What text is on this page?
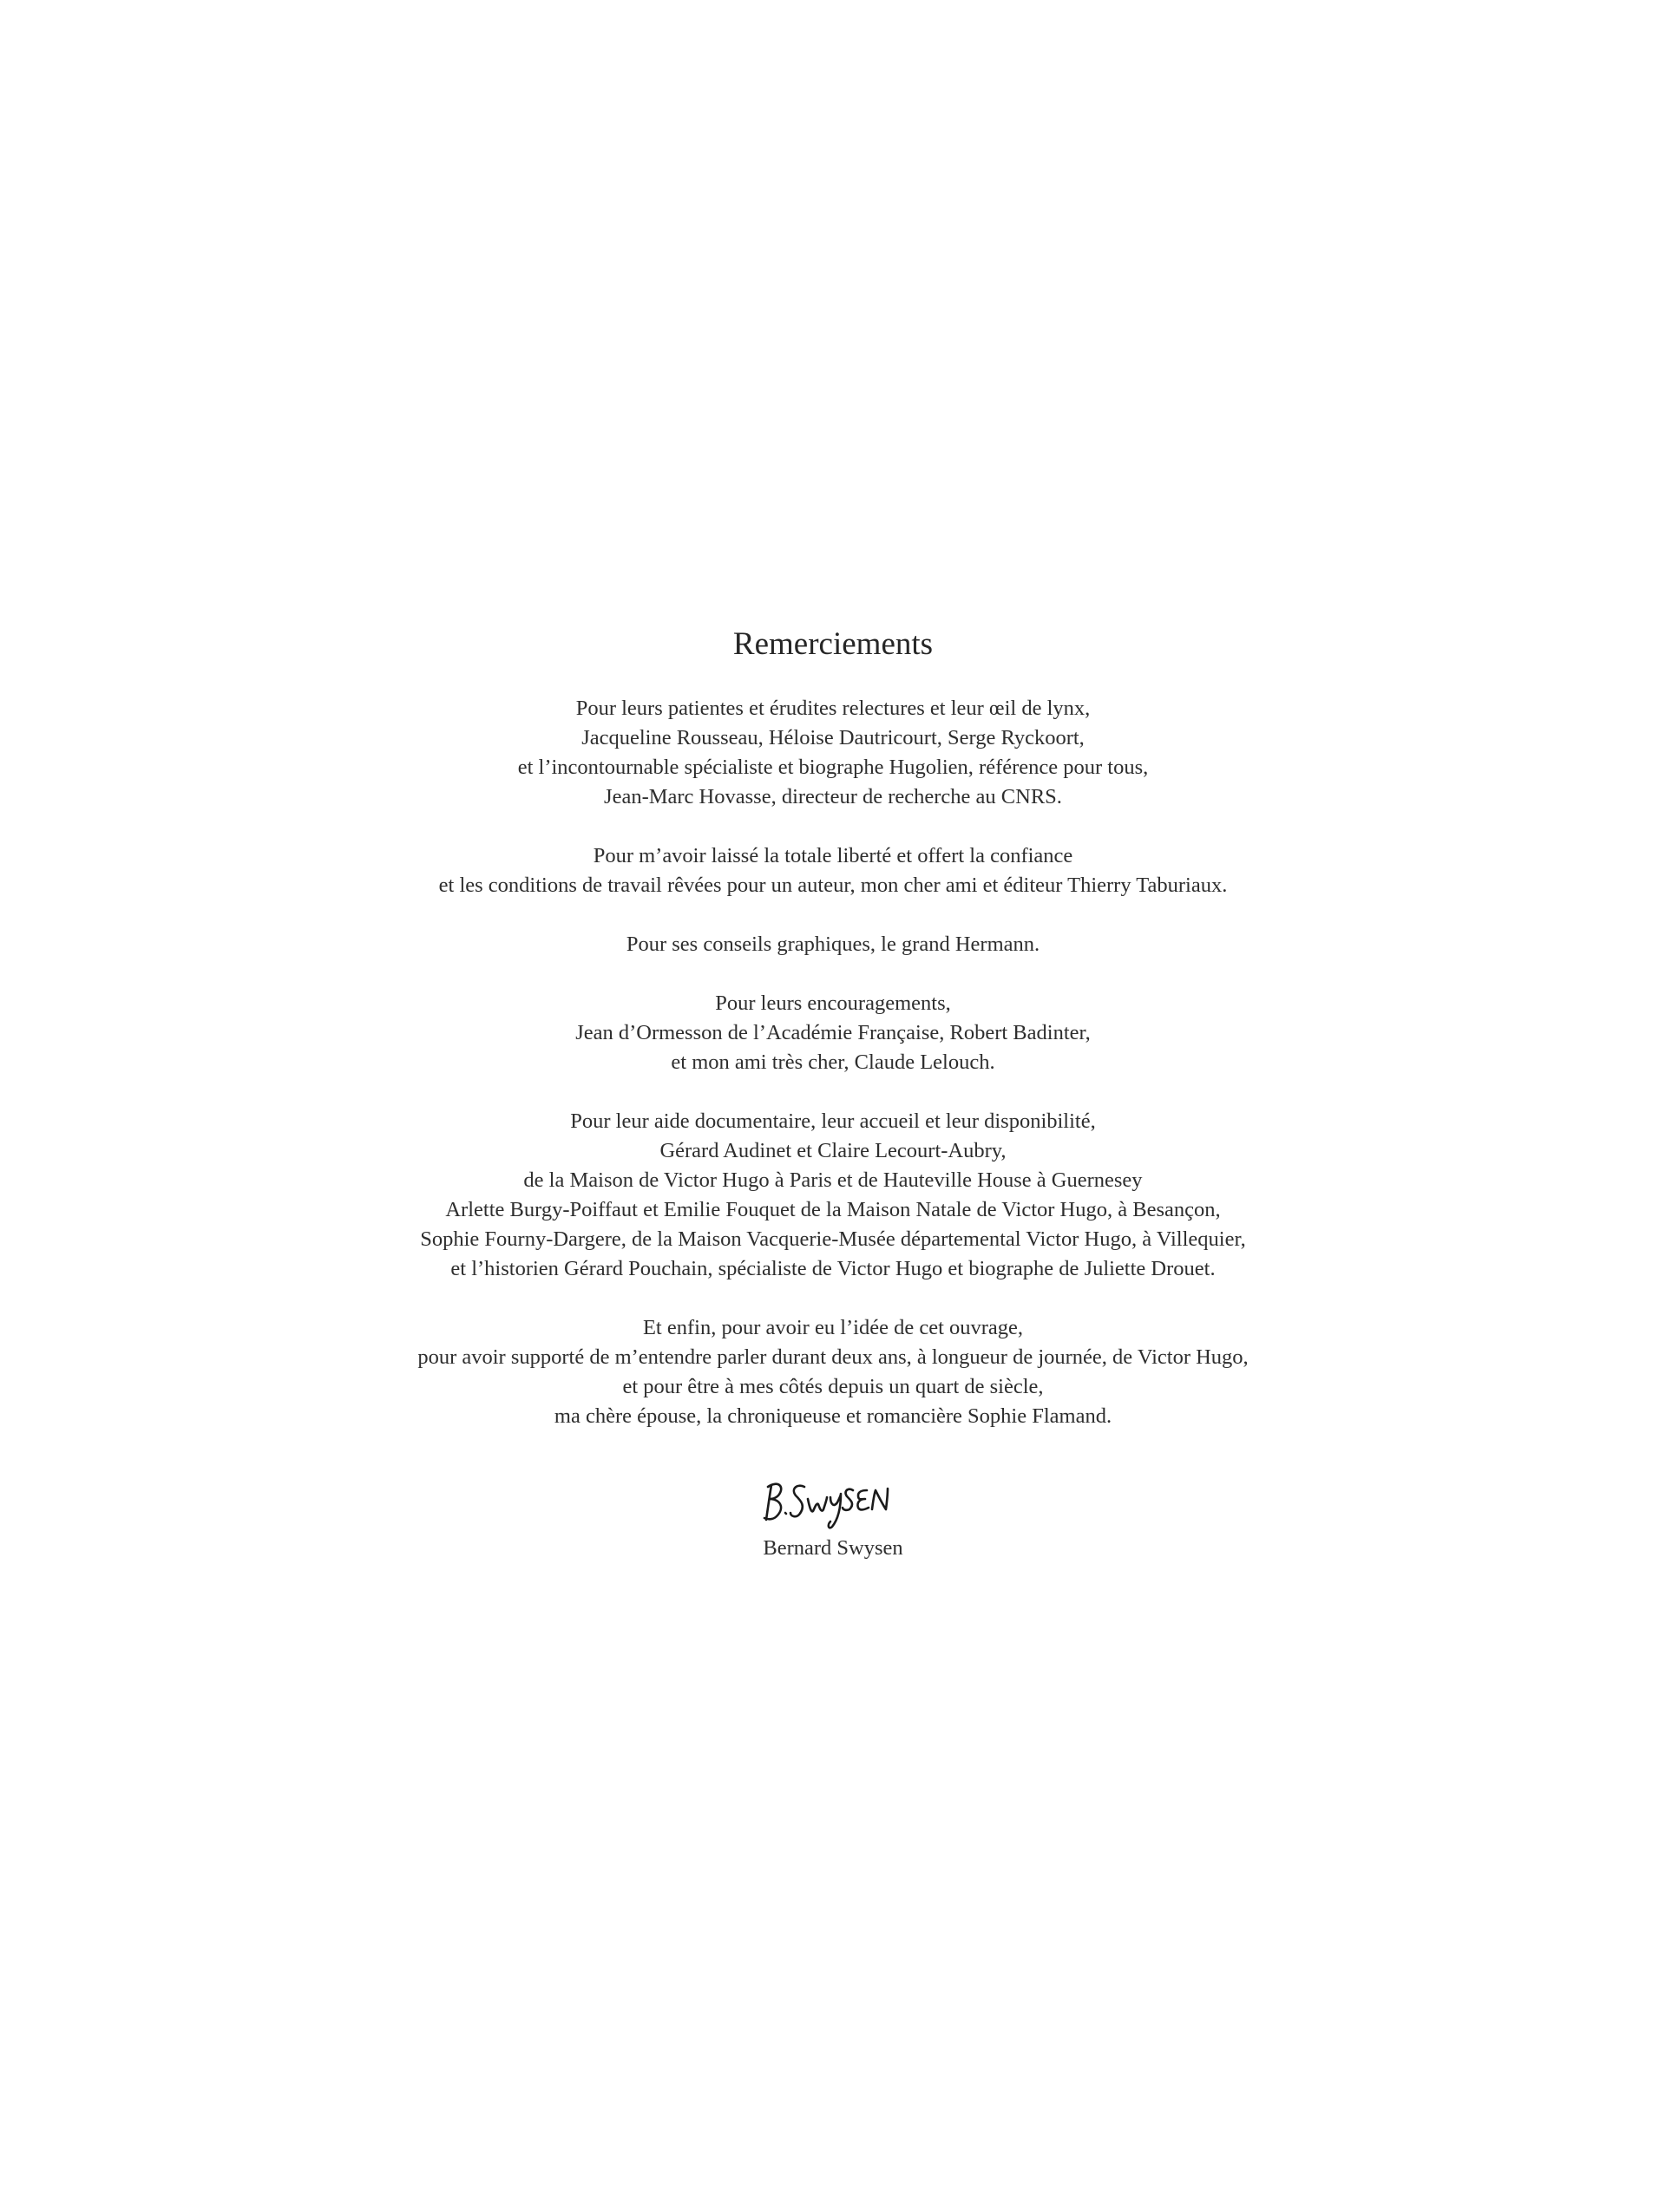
Remerciements
Pour leurs patientes et érudites relectures et leur œil de lynx,
Jacqueline Rousseau, Héloise Dautricourt, Serge Ryckoort,
et l’incontournable spécialiste et biographe Hugolien, référence pour tous,
Jean-Marc Hovasse, directeur de recherche au CNRS.
Pour m’avoir laissé la totale liberté et offert la confiance
et les conditions de travail rêvées pour un auteur, mon cher ami et éditeur Thierry Taburiaux.
Pour ses conseils graphiques, le grand Hermann.
Pour leurs encouragements,
Jean d’Ormesson de l’Académie Française, Robert Badinter,
et mon ami très cher, Claude Lelouch.
Pour leur aide documentaire, leur accueil et leur disponibilité,
Gérard Audinet et Claire Lecourt-Aubry,
de la Maison de Victor Hugo à Paris et de Hauteville House à Guernesey
Arlette Burgy-Poiffaut et Emilie Fouquet de la Maison Natale de Victor Hugo, à Besançon,
Sophie Fourny-Dargere, de la Maison Vacquerie-Musée départemental Victor Hugo, à Villequier,
et l’historien Gérard Pouchain, spécialiste de Victor Hugo et biographe de Juliette Drouet.
Et enfin, pour avoir eu l’idée de cet ouvrage,
pour avoir supporté de m’entendre parler durant deux ans, à longueur de journée, de Victor Hugo,
et pour être à mes côtés depuis un quart de siècle,
ma chère épouse, la chroniqueuse et romancière Sophie Flamand.
Bernard Swysen
